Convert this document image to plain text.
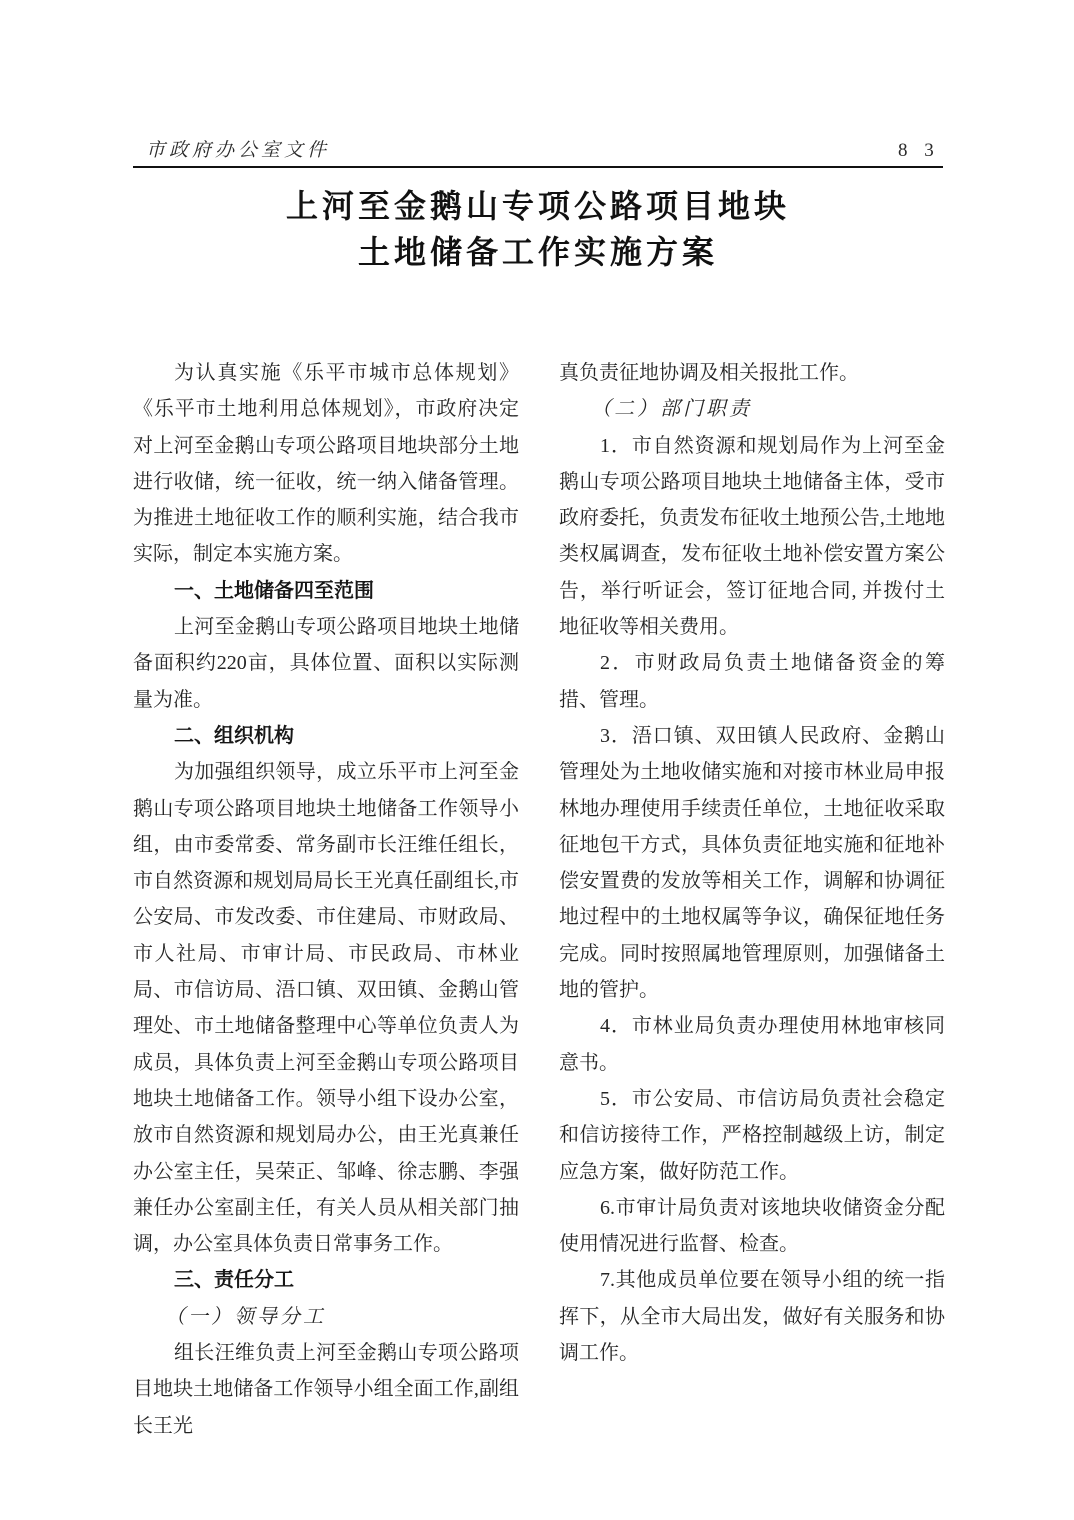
市政府办公室文件	8 3
上河至金鹅山专项公路项目地块
土地储备工作实施方案

为认真实施《乐平市城市总体规划》《乐平市土地利用总体规划》，市政府决定对上河至金鹅山专项公路项目地块部分土地进行收储，统一征收，统一纳入储备管理。为推进土地征收工作的顺利实施，结合我市实际，制定本实施方案。

一、土地储备四至范围

上河至金鹅山专项公路项目地块土地储备面积约220亩，具体位置、面积以实际测量为准。

二、组织机构

为加强组织领导，成立乐平市上河至金鹅山专项公路项目地块土地储备工作领导小组，由市委常委、常务副市长汪维任组长，市自然资源和规划局局长王光真任副组长,市公安局、市发改委、市住建局、市财政局、市人社局、市审计局、市民政局、市林业局、市信访局、浯口镇、双田镇、金鹅山管理处、市土地储备整理中心等单位负责人为成员，具体负责上河至金鹅山专项公路项目地块土地储备工作。领导小组下设办公室，放市自然资源和规划局办公，由王光真兼任办公室主任，吴荣正、邹峰、徐志鹏、李强兼任办公室副主任，有关人员从相关部门抽调，办公室具体负责日常事务工作。

三、责任分工

（一）领导分工

组长汪维负责上河至金鹅山专项公路项目地块土地储备工作领导小组全面工作,副组长王光

真负责征地协调及相关报批工作。

（二）部门职责

1．市自然资源和规划局作为上河至金鹅山专项公路项目地块土地储备主体，受市政府委托，负责发布征收土地预公告,土地地类权属调查，发布征收土地补偿安置方案公告，举行听证会，签订征地合同, 并拨付土地征收等相关费用。

2．市财政局负责土地储备资金的筹措、管理。

3．浯口镇、双田镇人民政府、金鹅山管理处为土地收储实施和对接市林业局申报林地办理使用手续责任单位，土地征收采取征地包干方式，具体负责征地实施和征地补偿安置费的发放等相关工作，调解和协调征地过程中的土地权属等争议，确保征地任务完成。同时按照属地管理原则，加强储备土地的管护。

4．市林业局负责办理使用林地审核同意书。

5．市公安局、市信访局负责社会稳定和信访接待工作，严格控制越级上访，制定应急方案，做好防范工作。

6.市审计局负责对该地块收储资金分配使用情况进行监督、检查。

7.其他成员单位要在领导小组的统一指挥下，从全市大局出发，做好有关服务和协调工作。
